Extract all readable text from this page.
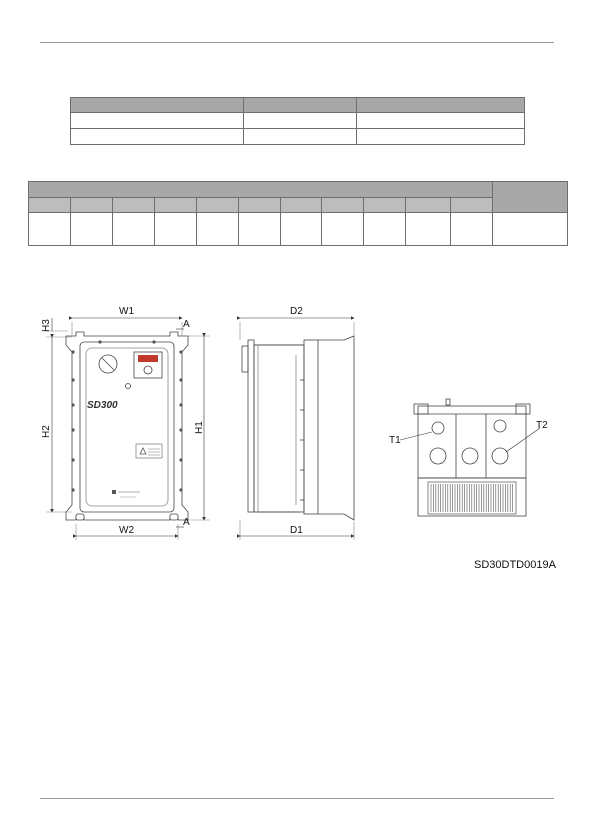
SD300
W1
W2
A
A
H2
H3
H1
D2
D1
T1
T2
SD30DTD0019A
